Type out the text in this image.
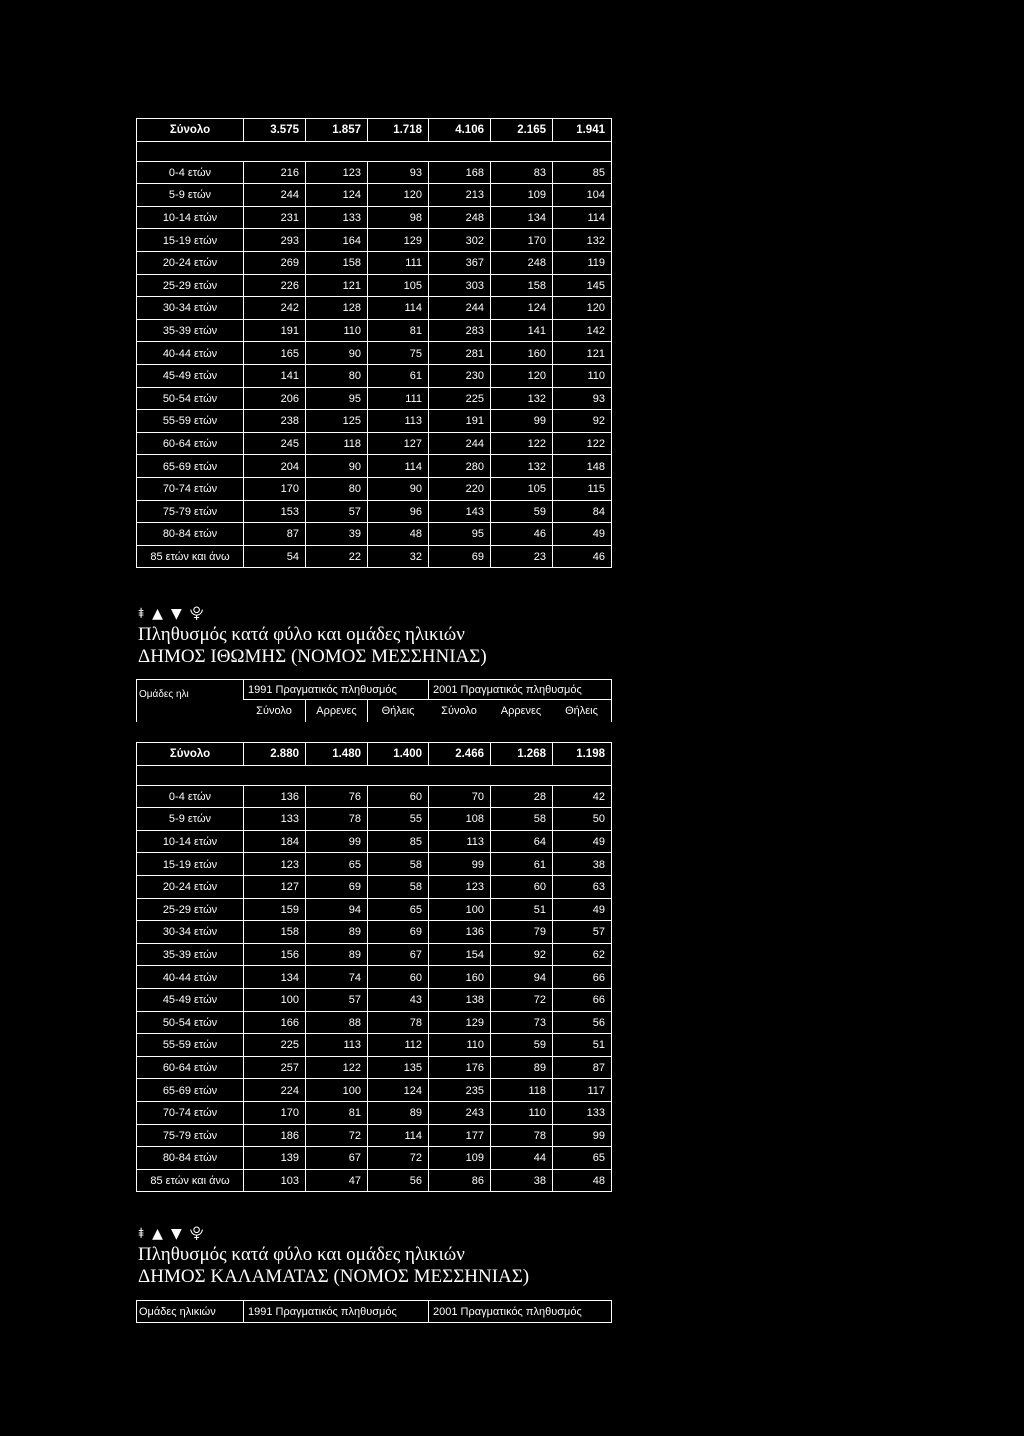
Σύνολο	3.575	1.857	1.718	4.106	2.165	1.941
0-4 ετών	216	123	93	168	83	85
5-9 ετών	244	124	120	213	109	104
10-14 ετών	231	133	98	248	134	114
15-19 ετών	293	164	129	302	170	132
20-24 ετών	269	158	111	367	248	119
25-29 ετών	226	121	105	303	158	145
30-34 ετών	242	128	114	244	124	120
35-39 ετών	191	110	81	283	141	142
40-44 ετών	165	90	75	281	160	121
45-49 ετών	141	80	61	230	120	110
50-54 ετών	206	95	111	225	132	93
55-59 ετών	238	125	113	191	99	92
60-64 ετών	245	118	127	244	122	122
65-69 ετών	204	90	114	280	132	148
70-74 ετών	170	80	90	220	105	115
75-79 ετών	153	57	96	143	59	84
80-84 ετών	87	39	48	95	46	49
85 ετών και άνω	54	22	32	69	23	46
⯒ ▲ ▼ ⯓
Πληθυσμός κατά φύλο και ομάδες ηλικιών
ΔΗΜΟΣ ΙΘΩΜΗΣ (ΝΟΜΟΣ ΜΕΣΣΗΝΙΑΣ)
Ομάδες ηλι	1991 Πραγματικός πληθυσμός	2001 Πραγματικός πληθυσμός
Σύνολο	Αρρενες	Θήλεις	Σύνολο	Αρρενες	Θήλεις
Σύνολο	2.880	1.480	1.400	2.466	1.268	1.198
0-4 ετών	136	76	60	70	28	42
5-9 ετών	133	78	55	108	58	50
10-14 ετών	184	99	85	113	64	49
15-19 ετών	123	65	58	99	61	38
20-24 ετών	127	69	58	123	60	63
25-29 ετών	159	94	65	100	51	49
30-34 ετών	158	89	69	136	79	57
35-39 ετών	156	89	67	154	92	62
40-44 ετών	134	74	60	160	94	66
45-49 ετών	100	57	43	138	72	66
50-54 ετών	166	88	78	129	73	56
55-59 ετών	225	113	112	110	59	51
60-64 ετών	257	122	135	176	89	87
65-69 ετών	224	100	124	235	118	117
70-74 ετών	170	81	89	243	110	133
75-79 ετών	186	72	114	177	78	99
80-84 ετών	139	67	72	109	44	65
85 ετών και άνω	103	47	56	86	38	48
⯒ ▲ ▼ ⯓
Πληθυσμός κατά φύλο και ομάδες ηλικιών
ΔΗΜΟΣ ΚΑΛΑΜΑΤΑΣ (ΝΟΜΟΣ ΜΕΣΣΗΝΙΑΣ)
Ομάδες ηλικιών	1991 Πραγματικός πληθυσμός	2001 Πραγματικός πληθυσμός
